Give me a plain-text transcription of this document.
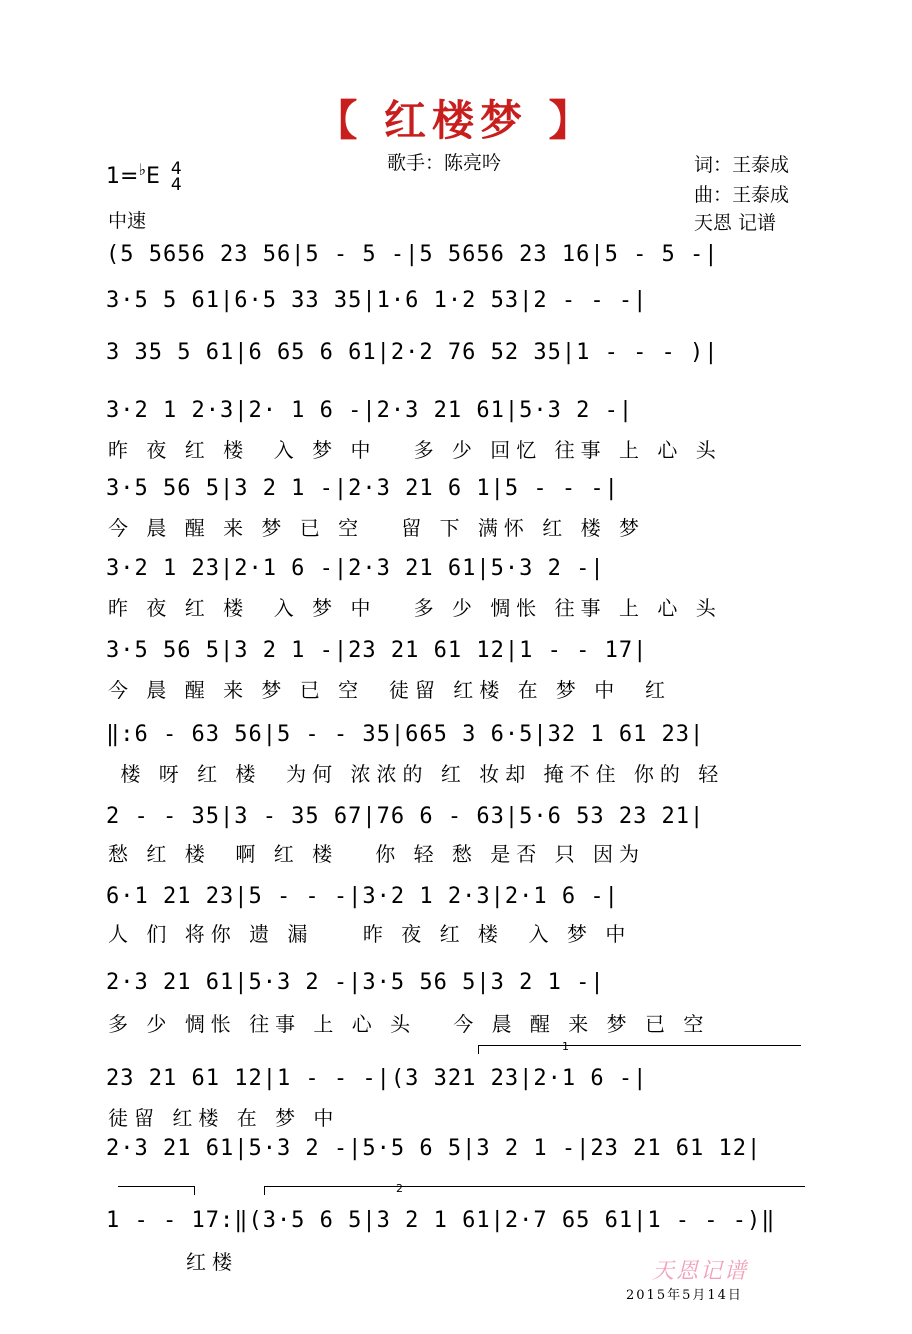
【 红楼梦 】
1=♭E 4
4
歌手：陈亮吟	词：王泰成
曲：王泰成
中速	天恩 记谱
(5 5656 23 56|5 - 5 -|5 5656 23 16|5 - 5 -|
3·5 5 61|6·5 33 35|1·6 1·2 53|2 - - -|
3 35 5 61|6 65 6 61|2·2 76 52 35|1 - - - )|
3·2 1 2·3|2· 1 6 -|2·3 21 61|5·3 2 -|
昨 夜 红 楼  入 梦 中   多 少 回忆 往事 上 心 头
3·5 56 5|3 2 1 -|2·3 21 6 1|5 - - -|
今 晨 醒 来 梦 已 空   留 下 满怀 红 楼 梦
3·2 1 23|2·1 6 -|2·3 21 61|5·3 2 -|
昨 夜 红 楼  入 梦 中   多 少 惆怅 往事 上 心 头
3·5 56 5|3 2 1 -|23 21 61 12|1 - - 17|
今 晨 醒 来 梦 已 空  徒留 红楼 在 梦 中  红
‖:6 - 63 56|5 - - 35|665 3 6·5|32 1 61 23|
楼 呀 红 楼  为何 浓浓的 红 妆却 掩不住 你的 轻
2 - - 35|3 - 35 67|76 6 - 63|5·6 53 23 21|
愁 红 楼  啊 红 楼   你 轻 愁 是否 只 因为
6·1 21 23|5 - - -|3·2 1 2·3|2·1 6 -|
人 们 将你 遗 漏    昨 夜 红 楼  入 梦 中
2·3 21 61|5·3 2 -|3·5 56 5|3 2 1 -|
多 少 惆怅 往事 上 心 头   今 晨 醒 来 梦 已 空
1
23 21 61 12|1 - - -|(3 321 23|2·1 6 -|
徒留 红楼 在 梦 中
2·3 21 61|5·3 2 -|5·5 6 5|3 2 1 -|23 21 61 12|
2
1 - - 17:‖(3·5 6 5|3 2 1 61|2·7 65 61|1 - - -)‖
红楼	天恩记谱
2015年5月14日
